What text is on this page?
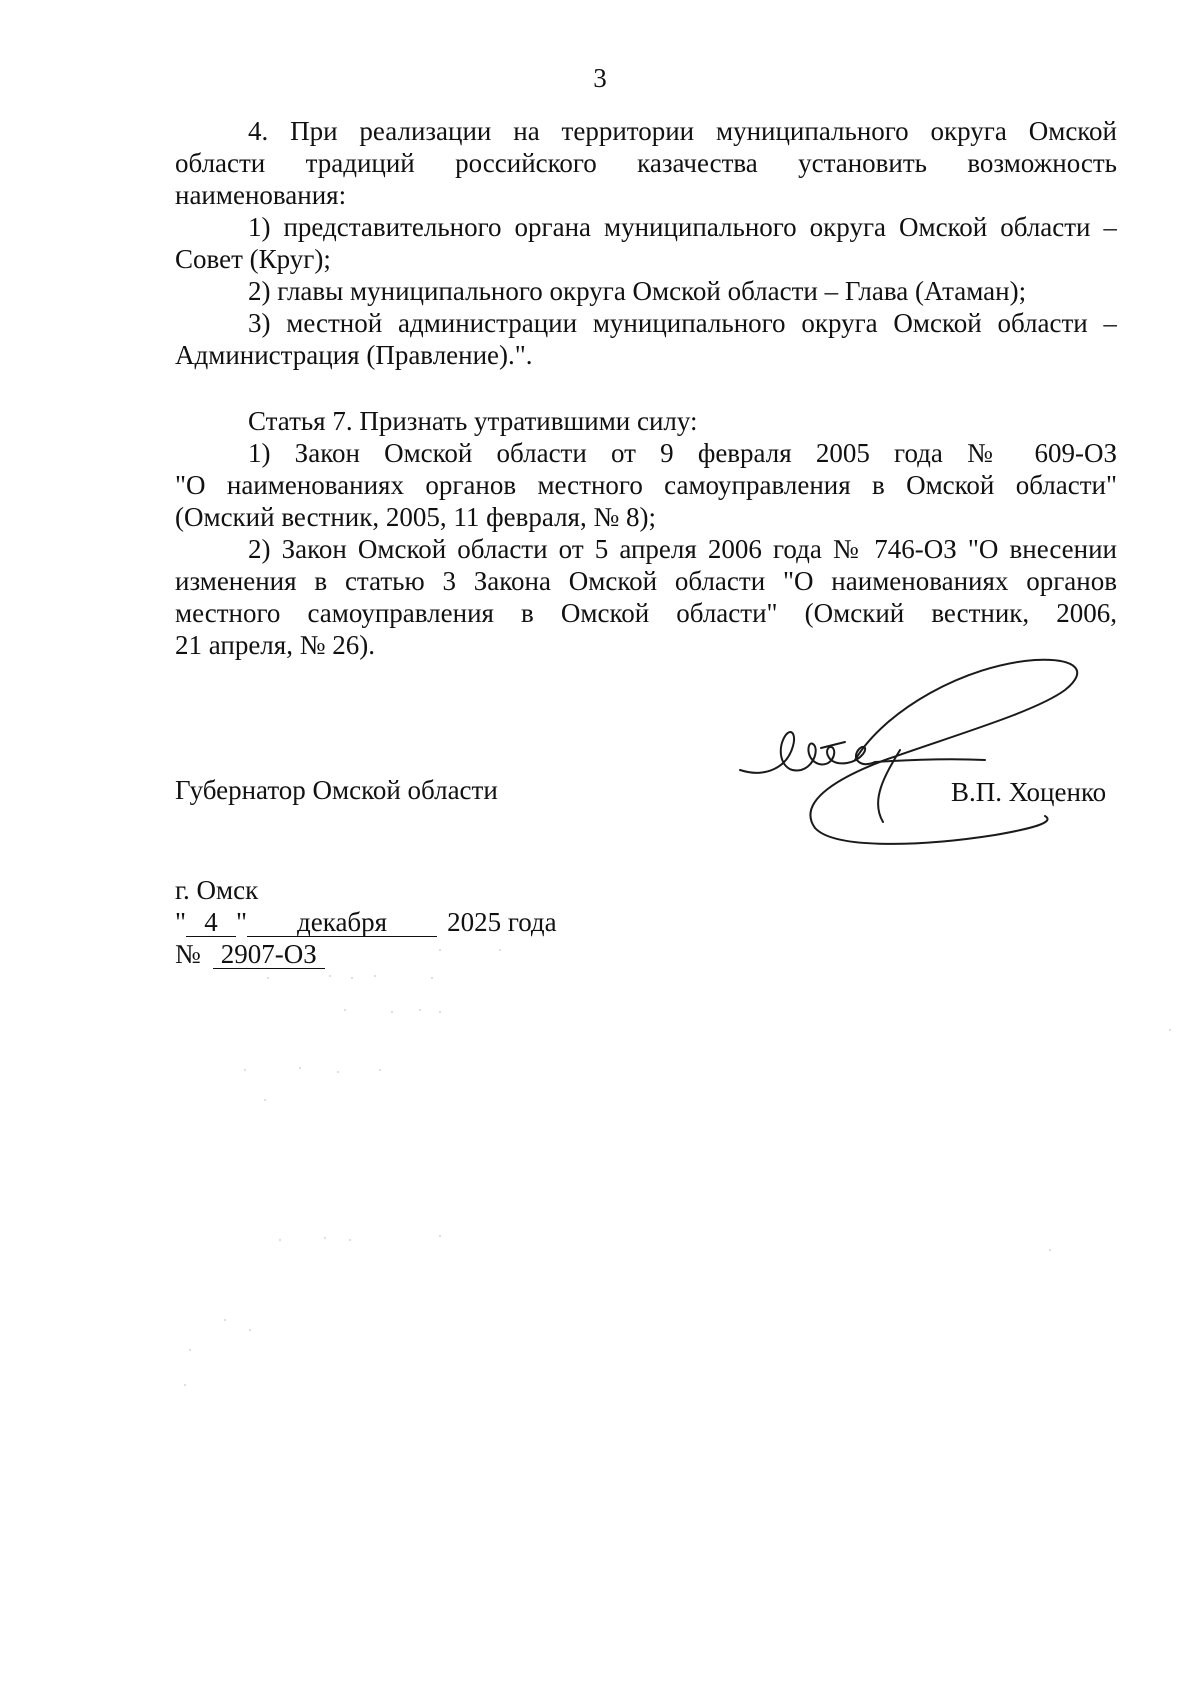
3
4. При реализации на территории муниципального округа Омской
области традиций российского казачества установить возможность
наименования:
1) представительного органа муниципального округа Омской области –
Совет (Круг);
2) главы муниципального округа Омской области – Глава (Атаман);
3) местной администрации муниципального округа Омской области –
Администрация (Правление).".
Статья 7. Признать утратившими силу:
1) Закон Омской области от 9 февраля 2005 года № 609-ОЗ
"О наименованиях органов местного самоуправления в Омской области"
(Омский вестник, 2005, 11 февраля, № 8);
2) Закон Омской области от 5 апреля 2006 года № 746-ОЗ "О внесении
изменения в статью 3 Закона Омской области "О наименованиях органов
местного самоуправления в Омской области" (Омский вестник, 2006,
21 апреля, № 26).
Губернатор Омской области	В.П. Хоценко
г. Омск
" 4 " декабря 2025 года
№ 2907-ОЗ
